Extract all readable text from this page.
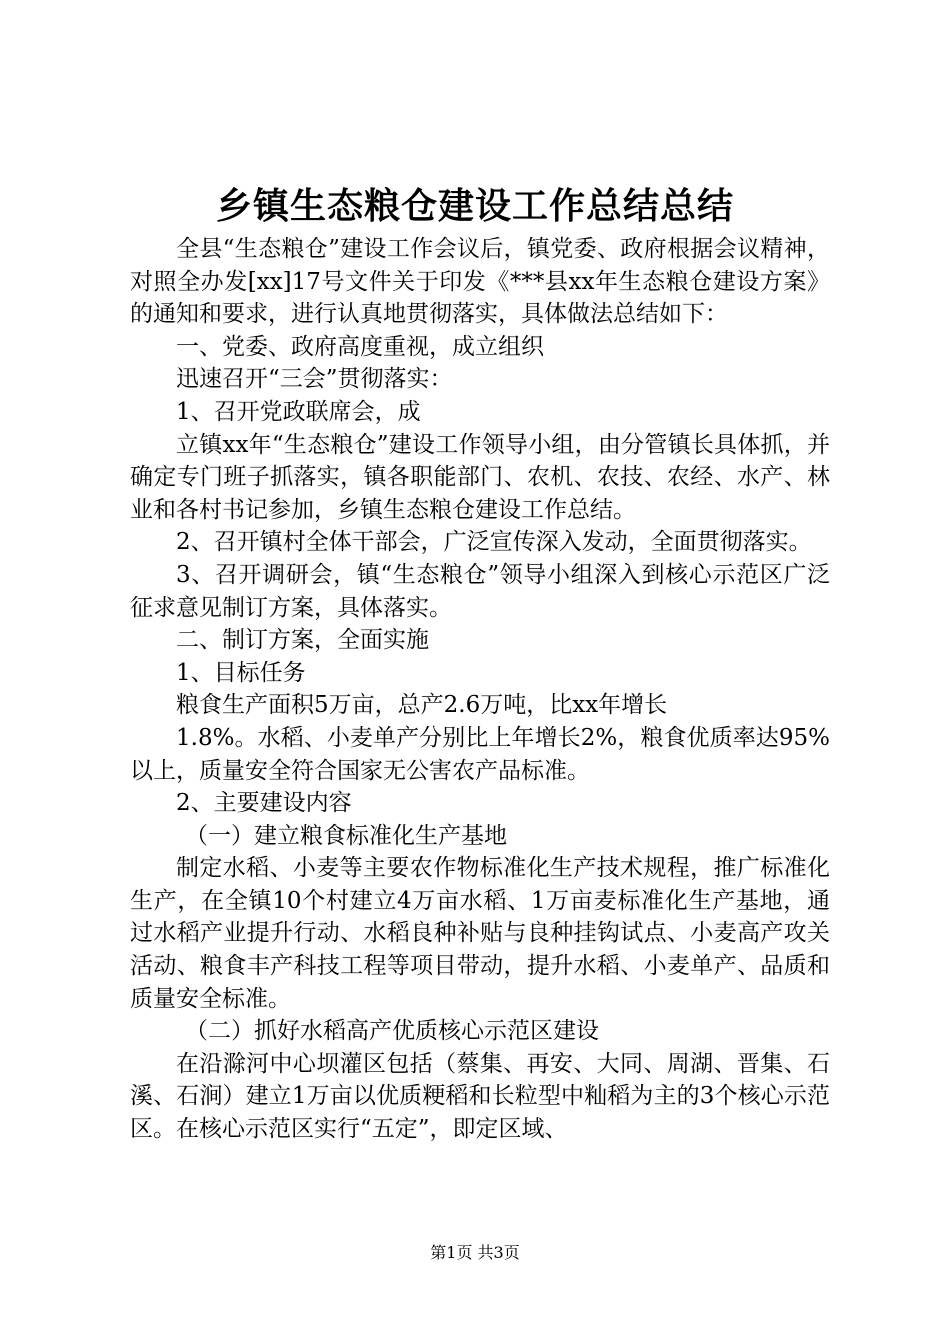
乡镇生态粮仓建设工作总结总结

全县“生态粮仓”建设工作会议后，镇党委、政府根据会议精神，对照全办发[xx]17号文件关于印发《***县xx年生态粮仓建设方案》的通知和要求，进行认真地贯彻落实，具体做法总结如下：

一、党委、政府高度重视，成立组织

迅速召开“三会”贯彻落实：

1、召开党政联席会，成

立镇xx年“生态粮仓”建设工作领导小组，由分管镇长具体抓，并确定专门班子抓落实，镇各职能部门、农机、农技、农经、水产、林业和各村书记参加，乡镇生态粮仓建设工作总结。

2、召开镇村全体干部会，广泛宣传深入发动，全面贯彻落实。

3、召开调研会，镇“生态粮仓”领导小组深入到核心示范区广泛征求意见制订方案，具体落实。

二、制订方案，全面实施

1、目标任务

粮食生产面积5万亩，总产2.6万吨，比xx年增长

1.8%。水稻、小麦单产分别比上年增长2%，粮食优质率达95%以上，质量安全符合国家无公害农产品标准。

2、主要建设内容

（一）建立粮食标准化生产基地

制定水稻、小麦等主要农作物标准化生产技术规程，推广标准化生产，在全镇10个村建立4万亩水稻、1万亩麦标准化生产基地，通过水稻产业提升行动、水稻良种补贴与良种挂钩试点、小麦高产攻关活动、粮食丰产科技工程等项目带动，提升水稻、小麦单产、品质和质量安全标准。

（二）抓好水稻高产优质核心示范区建设

在沿滁河中心坝灌区包括（蔡集、再安、大同、周湖、晋集、石溪、石涧）建立1万亩以优质粳稻和长粒型中籼稻为主的3个核心示范区。在核心示范区实行“五定”，即定区域、

第1页 共3页
